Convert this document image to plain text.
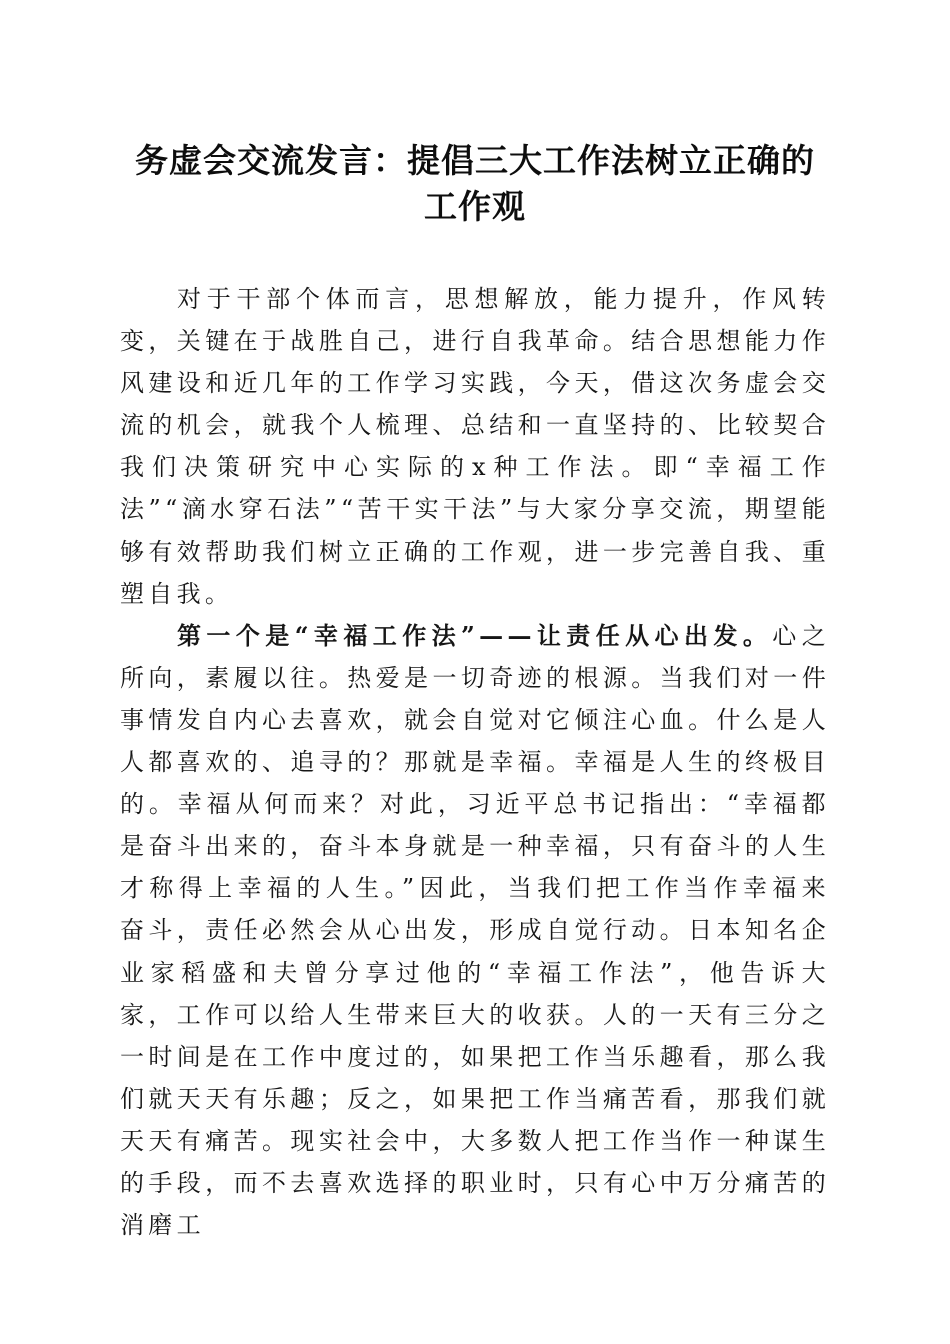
务虚会交流发言：提倡三大工作法树立正确的
工作观

对于干部个体而言，思想解放，能力提升，作风转变，关键在于战胜自己，进行自我革命。结合思想能力作风建设和近几年的工作学习实践，今天，借这次务虚会交流的机会，就我个人梳理、总结和一直坚持的、比较契合我们决策研究中心实际的x种工作法。即“幸福工作法”“滴水穿石法”“苦干实干法”与大家分享交流，期望能够有效帮助我们树立正确的工作观，进一步完善自我、重塑自我。

第一个是“幸福工作法”——让责任从心出发。心之所向，素履以往。热爱是一切奇迹的根源。当我们对一件事情发自内心去喜欢，就会自觉对它倾注心血。什么是人人都喜欢的、追寻的？那就是幸福。幸福是人生的终极目的。幸福从何而来？对此，习近平总书记指出：“幸福都是奋斗出来的，奋斗本身就是一种幸福，只有奋斗的人生才称得上幸福的人生。”因此，当我们把工作当作幸福来奋斗，责任必然会从心出发，形成自觉行动。日本知名企业家稻盛和夫曾分享过他的“幸福工作法”，他告诉大家，工作可以给人生带来巨大的收获。人的一天有三分之一时间是在工作中度过的，如果把工作当乐趣看，那么我们就天天有乐趣；反之，如果把工作当痛苦看，那我们就天天有痛苦。现实社会中，大多数人把工作当作一种谋生的手段，而不去喜欢选择的职业时，只有心中万分痛苦的消磨工
